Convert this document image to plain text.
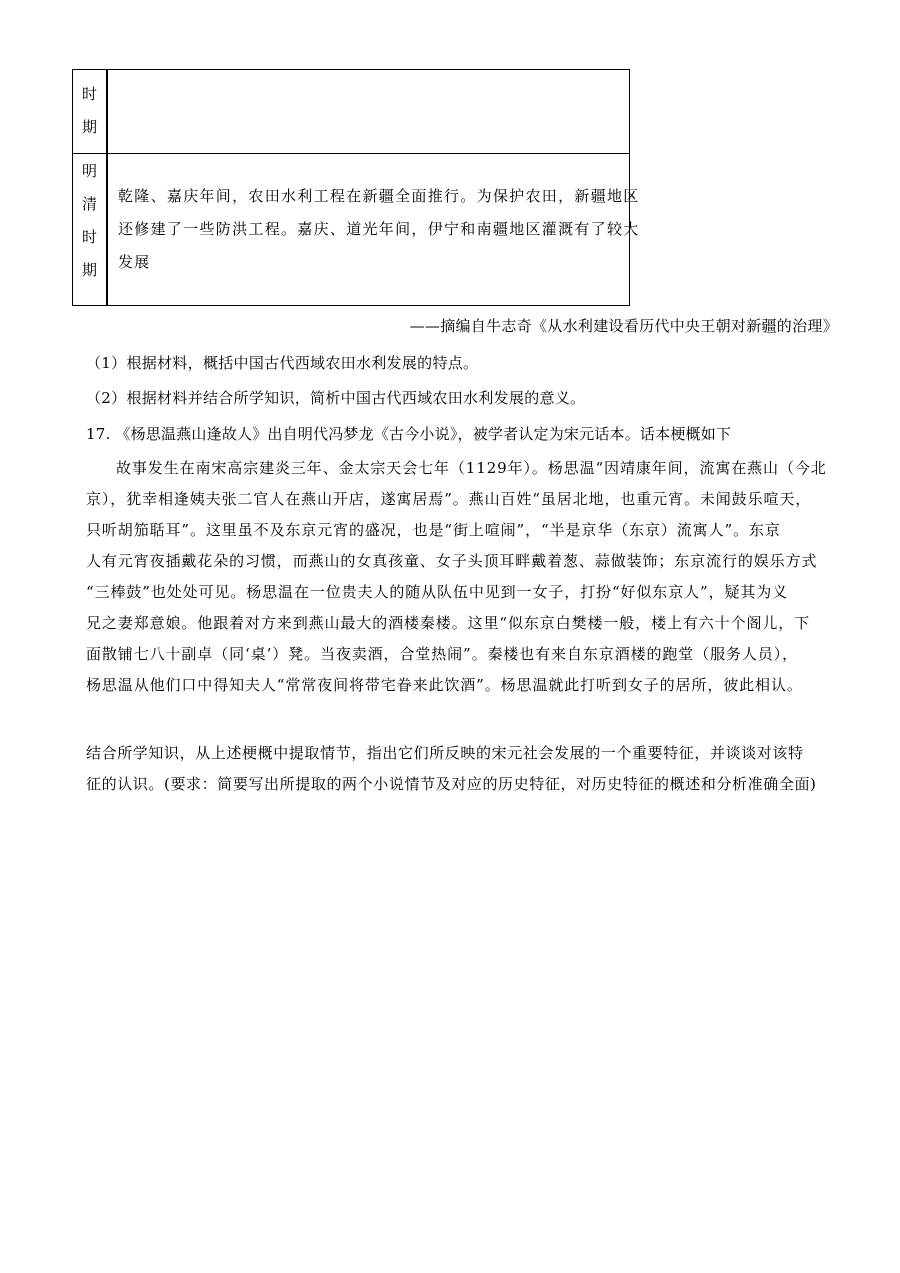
时
期
明
清
时
期
乾隆、嘉庆年间，农田水利工程在新疆全面推行。为保护农田，新疆地区
还修建了一些防洪工程。嘉庆、道光年间，伊宁和南疆地区灌溉有了较大
发展
——摘编自牛志奇《从水利建设看历代中央王朝对新疆的治理》
（1）根据材料，概括中国古代西域农田水利发展的特点。
（2）根据材料并结合所学知识，简析中国古代西域农田水利发展的意义。
17. 《杨思温燕山逢故人》出自明代冯梦龙《古今小说》，被学者认定为宋元话本。话本梗概如下
故事发生在南宋高宗建炎三年、金太宗天会七年（1129年）。杨思温“因靖康年间，流寓在燕山（今北
京），犹幸相逢姨夫张二官人在燕山开店，遂寓居焉”。燕山百姓“虽居北地，也重元宵。未闻鼓乐喧天，
只听胡笳聒耳”。这里虽不及东京元宵的盛况，也是“街上喧闹”，“半是京华（东京）流寓人”。东京
人有元宵夜插戴花朵的习惯，而燕山的女真孩童、女子头顶耳畔戴着葱、蒜做装饰；东京流行的娱乐方式
“三棒鼓”也处处可见。杨思温在一位贵夫人的随从队伍中见到一女子，打扮“好似东京人”，疑其为义
兄之妻郑意娘。他跟着对方来到燕山最大的酒楼秦楼。这里“似东京白樊楼一般，楼上有六十个阁儿，下
面散铺七八十副卓（同‘桌’）凳。当夜卖酒，合堂热闹”。秦楼也有来自东京酒楼的跑堂（服务人员），
杨思温从他们口中得知夫人“常常夜间将带宅眷来此饮酒”。杨思温就此打听到女子的居所，彼此相认。
结合所学知识，从上述梗概中提取情节，指出它们所反映的宋元社会发展的一个重要特征，并谈谈对该特
征的认识。(要求：简要写出所提取的两个小说情节及对应的历史特征，对历史特征的概述和分析准确全面)
